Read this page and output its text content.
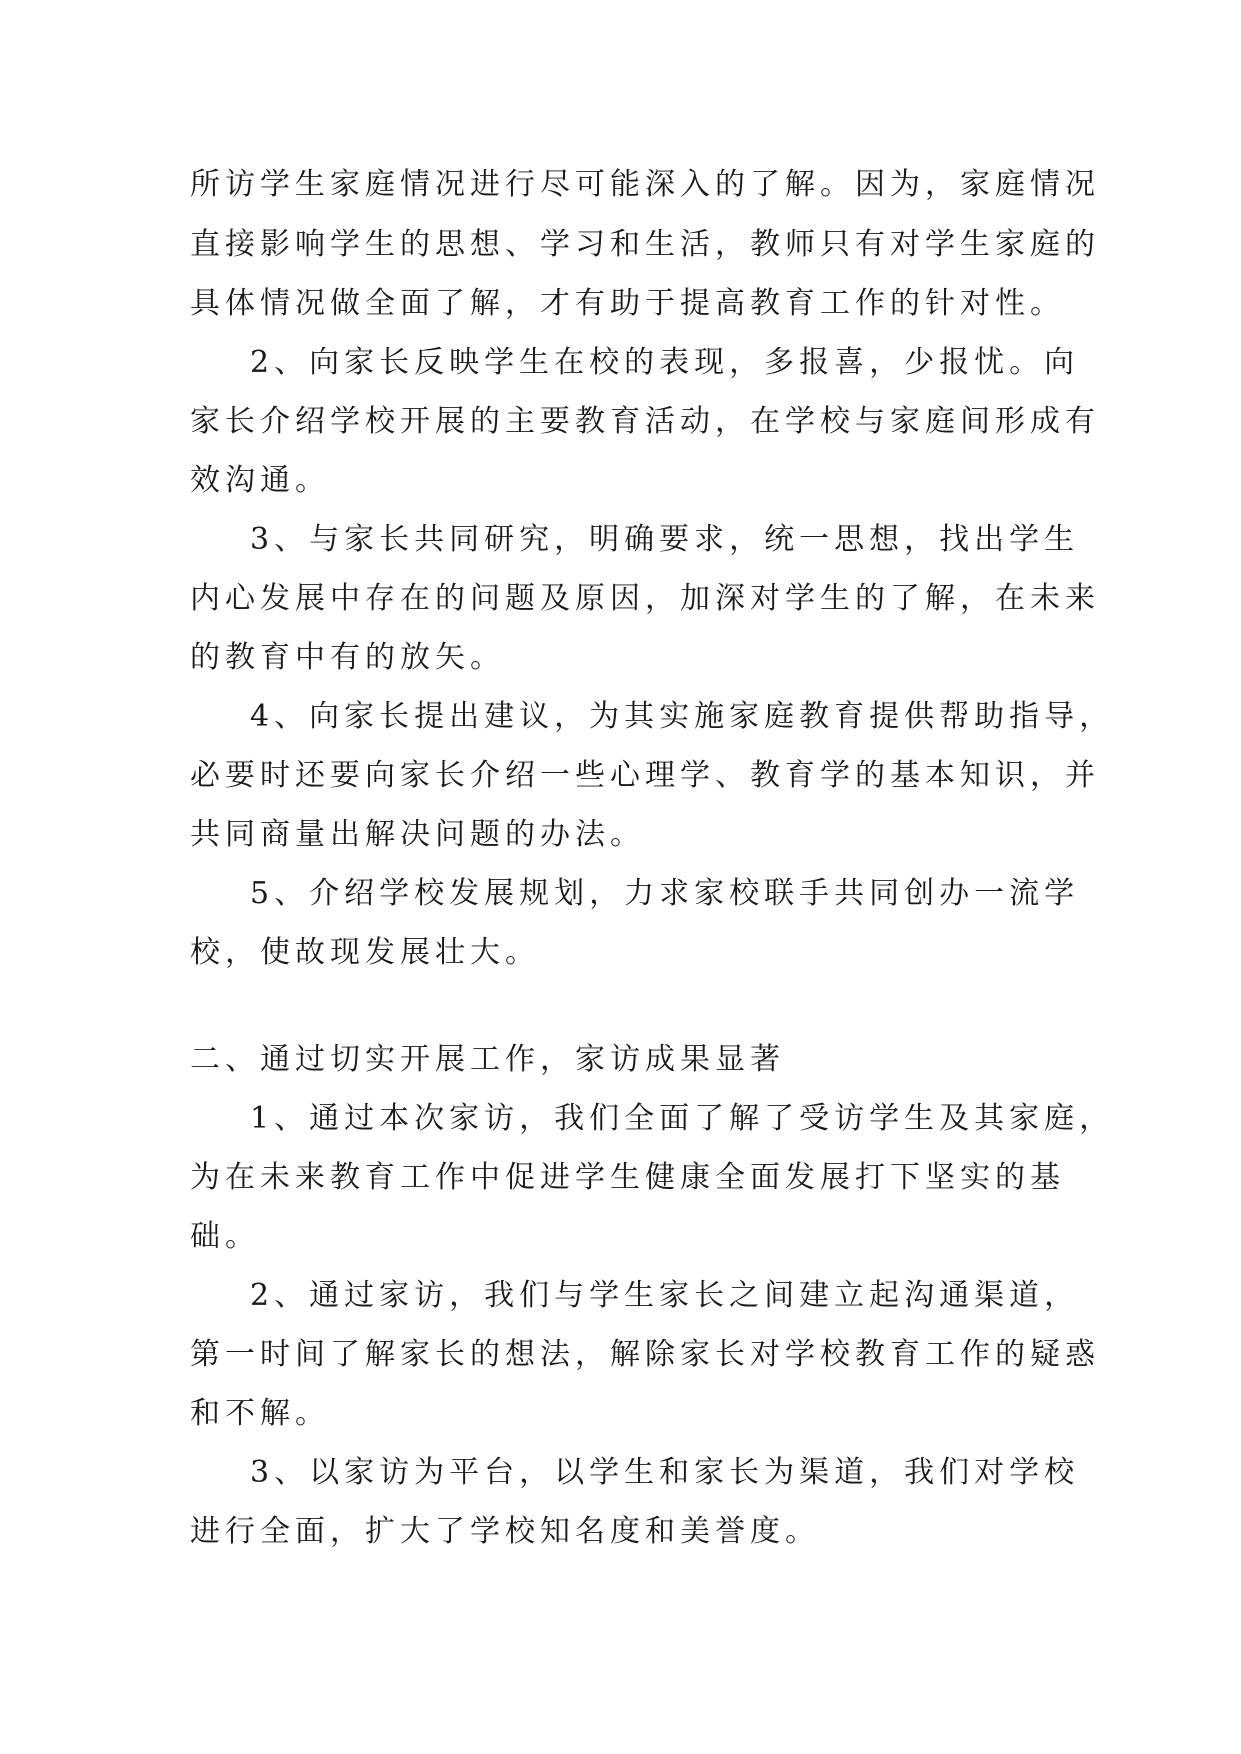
所访学生家庭情况进行尽可能深入的了解。因为，家庭情况
直接影响学生的思想、学习和生活，教师只有对学生家庭的
具体情况做全面了解，才有助于提高教育工作的针对性。
2、向家长反映学生在校的表现，多报喜，少报忧。向
家长介绍学校开展的主要教育活动，在学校与家庭间形成有
效沟通。
3、与家长共同研究，明确要求，统一思想，找出学生
内心发展中存在的问题及原因，加深对学生的了解，在未来
的教育中有的放矢。
4、向家长提出建议，为其实施家庭教育提供帮助指导，
必要时还要向家长介绍一些心理学、教育学的基本知识，并
共同商量出解决问题的办法。
5、介绍学校发展规划，力求家校联手共同创办一流学
校，使故现发展壮大。
二、通过切实开展工作，家访成果显著
1、通过本次家访，我们全面了解了受访学生及其家庭，
为在未来教育工作中促进学生健康全面发展打下坚实的基
础。
2、通过家访，我们与学生家长之间建立起沟通渠道，
第一时间了解家长的想法，解除家长对学校教育工作的疑惑
和不解。
3、以家访为平台，以学生和家长为渠道，我们对学校
进行全面，扩大了学校知名度和美誉度。
